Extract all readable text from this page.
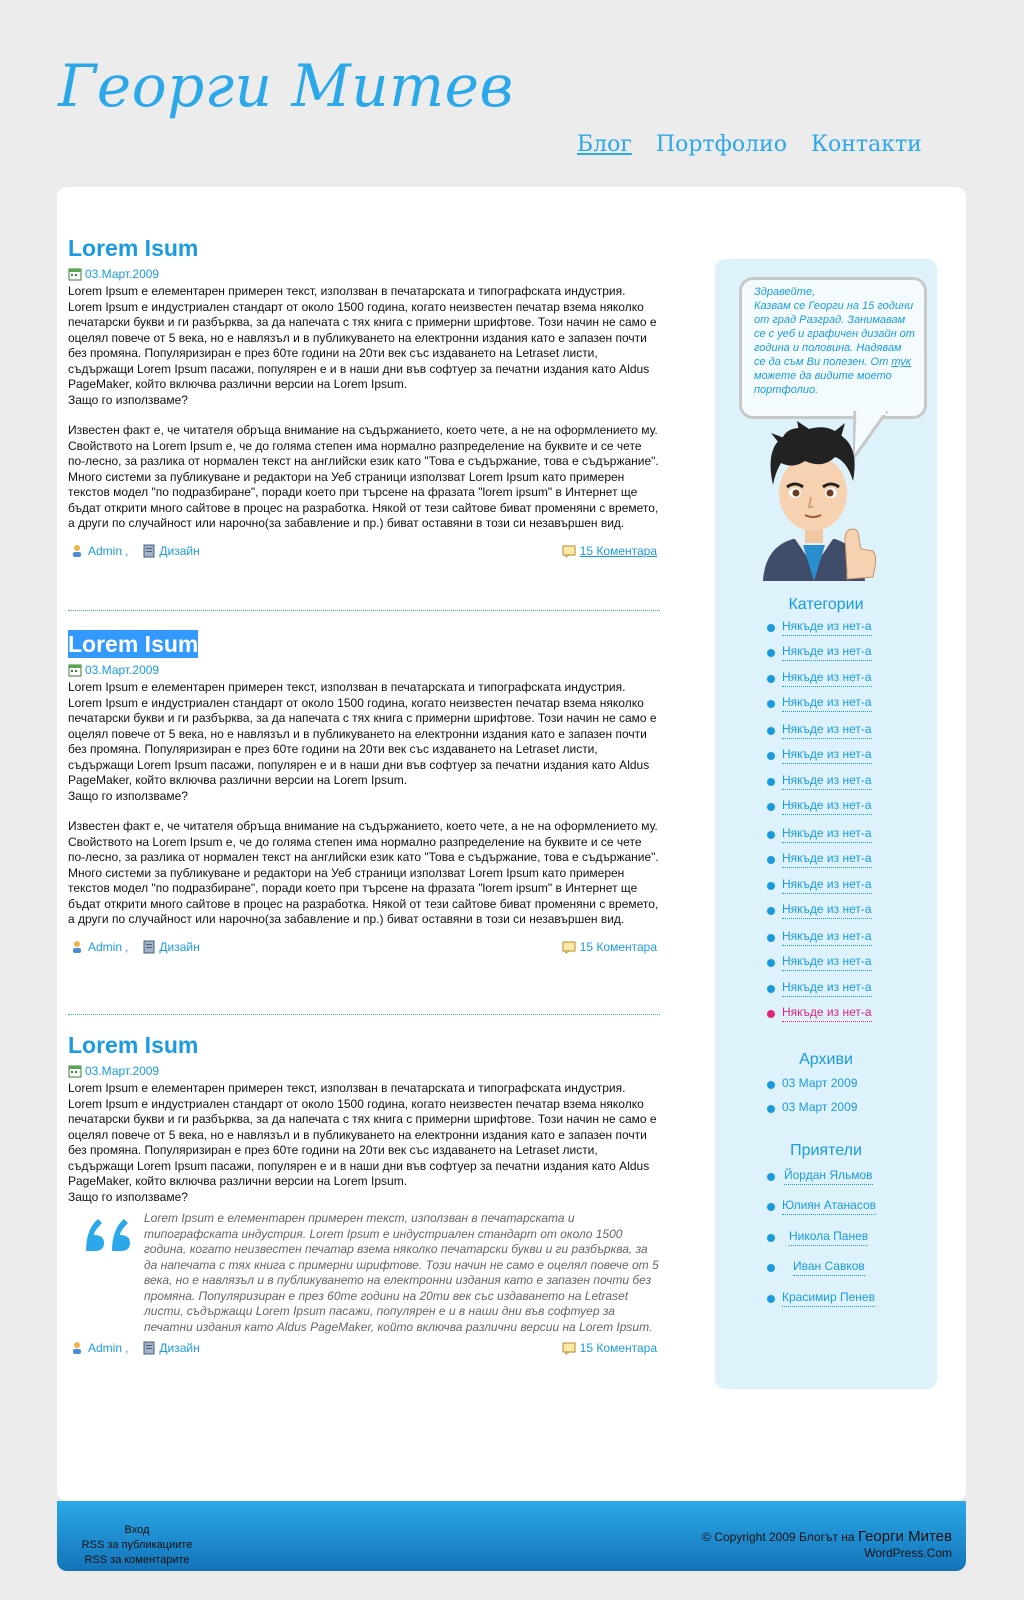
Георги Митев
Блог Портфолио Контакти
Lorem Isum
03.Март.2009

Lorem Ipsum е елементарен примерен текст, използван в печатарската и типографската индустрия. Lorem Ipsum е индустриален стандарт от около 1500 година, когато неизвестен печатар взема няколко печатарски букви и ги разбърква, за да напечата с тях книга с примерни шрифтове. Този начин не само е оцелял повече от 5 века, но е навлязъл и в публикуването на електронни издания като е запазен почти без промяна. Популяризиран е през 60те години на 20ти век със издаването на Letraset листи, съдържащи Lorem Ipsum пасажи, популярен е и в наши дни във софтуер за печатни издания като Aldus PageMaker, който включва различни версии на Lorem Ipsum.

Защо го използваме?

Известен факт е, че читателя обръща внимание на съдържанието, което чете, а не на оформлението му. Свойството на Lorem Ipsum е, че до голяма степен има нормално разпределение на буквите и се чете по-лесно, за разлика от нормален текст на английски език като "Това е съдържание, това е съдържание". Много системи за публикуване и редактори на Уеб страници използват Lorem Ipsum като примерен текстов модел "по подразбиране", поради което при търсене на фразата "lorem ipsum" в Интернет ще бъдат открити много сайтове в процес на разработка. Някой от тези сайтове биват променяни с времето, а други по случайност или нарочно(за забавление и пр.) биват оставяни в този си незавършен вид.

Admin ,	Дизайн	15 Коментара
Lorem Isum
03.Март.2009

Lorem Ipsum е елементарен примерен текст, използван в печатарската и типографската индустрия. Lorem Ipsum е индустриален стандарт от около 1500 година, когато неизвестен печатар взема няколко печатарски букви и ги разбърква, за да напечата с тях книга с примерни шрифтове. Този начин не само е оцелял повече от 5 века, но е навлязъл и в публикуването на електронни издания като е запазен почти без промяна. Популяризиран е през 60те години на 20ти век със издаването на Letraset листи, съдържащи Lorem Ipsum пасажи, популярен е и в наши дни във софтуер за печатни издания като Aldus PageMaker, който включва различни версии на Lorem Ipsum.

Защо го използваме?

Известен факт е, че читателя обръща внимание на съдържанието, което чете, а не на оформлението му. Свойството на Lorem Ipsum е, че до голяма степен има нормално разпределение на буквите и се чете по-лесно, за разлика от нормален текст на английски език като "Това е съдържание, това е съдържание". Много системи за публикуване и редактори на Уеб страници използват Lorem Ipsum като примерен текстов модел "по подразбиране", поради което при търсене на фразата "lorem ipsum" в Интернет ще бъдат открити много сайтове в процес на разработка. Някой от тези сайтове биват променяни с времето, а други по случайност или нарочно(за забавление и пр.) биват оставяни в този си незавършен вид.

Admin ,	Дизайн	15 Коментара
Lorem Isum
03.Март.2009

Lorem Ipsum е елементарен примерен текст, използван в печатарската и типографската индустрия. Lorem Ipsum е индустриален стандарт от около 1500 година, когато неизвестен печатар взема няколко печатарски букви и ги разбърква, за да напечата с тях книга с примерни шрифтове. Този начин не само е оцелял повече от 5 века, но е навлязъл и в публикуването на електронни издания като е запазен почти без промяна. Популяризиран е през 60те години на 20ти век със издаването на Letraset листи, съдържащи Lorem Ipsum пасажи, популярен е и в наши дни във софтуер за печатни издания като Aldus PageMaker, който включва различни версии на Lorem Ipsum.

Защо го използваме?

Lorem Ipsum е елементарен примерен текст, използван в печатарската и типографската индустрия. Lorem Ipsum е индустриален стандарт от около 1500 година, когато неизвестен печатар взема няколко печатарски букви и ги разбърква, за да напечата с тях книга с примерни шрифтове. Този начин не само е оцелял повече от 5 века, но е навлязъл и в публикуването на електронни издания като е запазен почти без промяна. Популяризиран е през 60те години на 20ти век със издаването на Letraset листи, съдържащи Lorem Ipsum пасажи, популярен е и в наши дни във софтуер за печатни издания като Aldus PageMaker, който включва различни версии на Lorem Ipsum.
Admin ,	Дизайн	15 Коментара
Здравейте,
Казвам се Георги на 15 години от град Разград. Занимавам се с уеб и графичен дизайн от година и половина. Надявам се да съм Ви полезен. От тук можете да видите моето портфолио.
Категории
Някъде из нет-а
Някъде из нет-а
Някъде из нет-а
Някъде из нет-а
Някъде из нет-а
Някъде из нет-а
Някъде из нет-а
Някъде из нет-а
Някъде из нет-а
Някъде из нет-а
Някъде из нет-а
Някъде из нет-а
Някъде из нет-а
Някъде из нет-а
Някъде из нет-а
Някъде из нет-а
Архиви
03 Март 2009
03 Март 2009
Приятели
Йордан Яльмов
Юлиян Атанасов
Никола Панев
Иван Савков
Красимир Пенев
Вход
RSS за публикациите
RSS за коментарите
© Copyright 2009 Блогът на Георги Митев
WordPress.Com
